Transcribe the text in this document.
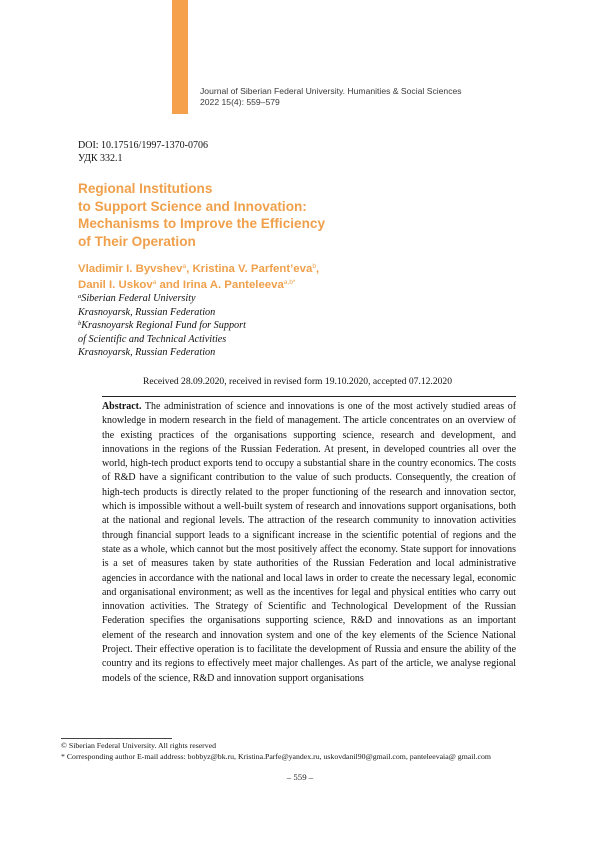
Journal of Siberian Federal University. Humanities & Social Sciences
2022 15(4): 559–579
DOI: 10.17516/1997-1370-0706
УДК 332.1
Regional Institutions
to Support Science and Innovation:
Mechanisms to Improve the Efficiency
of Their Operation
Vladimir I. Byvshev$^a$, Kristina V. Parfent’eva$^b$,
Danil I. Uskov$^a$ and Irina A. Panteleeva$^{a,b*}$
$^a$Siberian Federal University
Krasnoyarsk, Russian Federation
$^b$Krasnoyarsk Regional Fund for Support
of Scientific and Technical Activities
Krasnoyarsk, Russian Federation
Received 28.09.2020, received in revised form 19.10.2020, accepted 07.12.2020
Abstract. The administration of science and innovations is one of the most actively studied areas of knowledge in modern research in the field of management. The article concentrates on an overview of the existing practices of the organisations supporting science, research and development, and innovations in the regions of the Russian Federation. At present, in developed countries all over the world, high-tech product exports tend to occupy a substantial share in the country economics. The costs of R&D have a significant contribution to the value of such products. Consequently, the creation of high-tech products is directly related to the proper functioning of the research and innovation sector, which is impossible without a well-built system of research and innovations support organisations, both at the national and regional levels. The attraction of the research community to innovation activities through financial support leads to a significant increase in the scientific potential of regions and the state as a whole, which cannot but the most positively affect the economy. State support for innovations is a set of measures taken by state authorities of the Russian Federation and local administrative agencies in accordance with the national and local laws in order to create the necessary legal, economic and organisational environment; as well as the incentives for legal and physical entities who carry out innovation activities. The Strategy of Scientific and Technological Development of the Russian Federation specifies the organisations supporting science, R&D and innovations as an important element of the research and innovation system and one of the key elements of the Science National Project. Their effective operation is to facilitate the development of Russia and ensure the ability of the country and its regions to effectively meet major challenges. As part of the article, we analyse regional models of the science, R&D and innovation support organisations
© Siberian Federal University. All rights reserved
* Corresponding author E-mail address: bobbyz@bk.ru, Kristina.Parfe@yandex.ru, uskovdanil90@gmail.com, panteleevaia@ gmail.com
– 559 –
